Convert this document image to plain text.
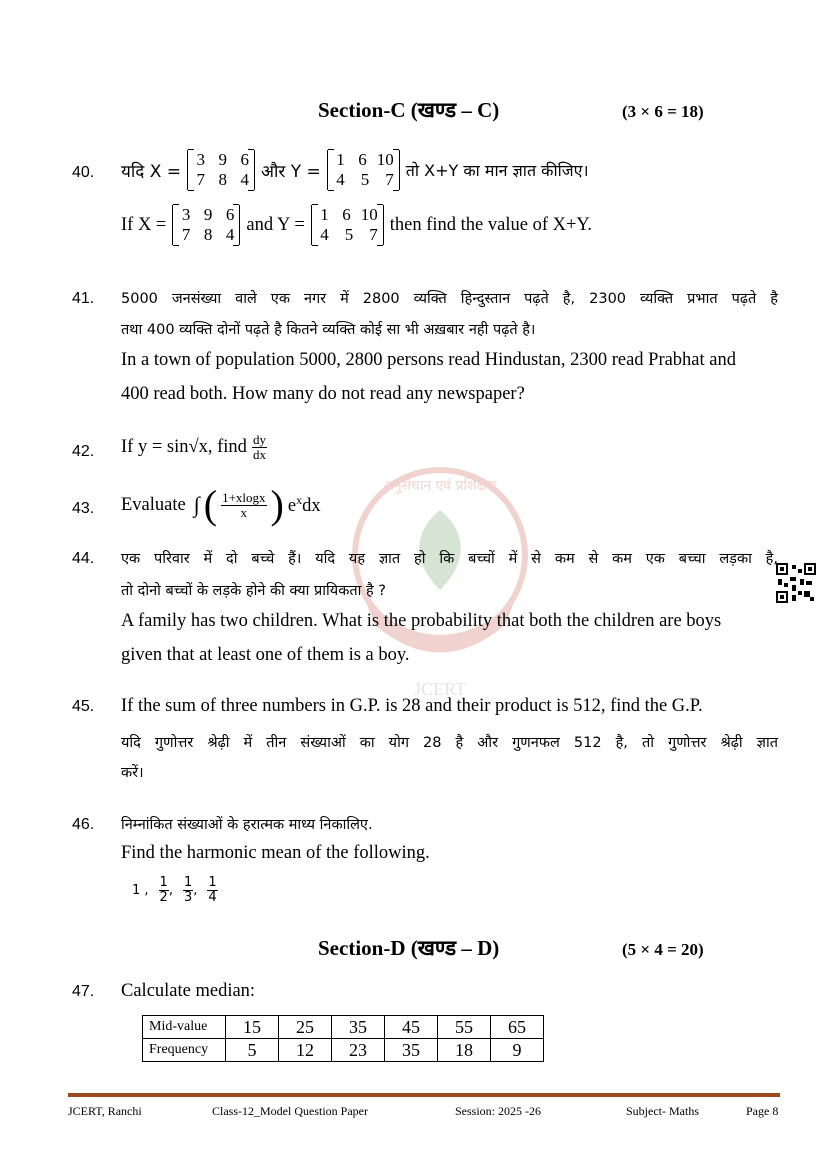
अनुसंधान एवं प्रशिक्षण
नेतृत्व
JCERT
Section-C (खण्ड – C)	(3 × 6 = 18)
40. यदि X =
3 9 6
7 8 4 और Y =
1 6 10
4 5 7 तो X+Y का मान ज्ञात कीजिए।
If X = 3 9 6
7 8 4 and Y = 1 6 10
4 5 7 then find the value of X+Y.
41. 5000 जनसंख्या वाले एक नगर में 2800 व्यक्ति हिन्दुस्तान पढ़ते है, 2300 व्यक्ति प्रभात पढ़ते है
तथा 400 व्यक्ति दोनों पढ़ते है कितने व्यक्ति कोई सा भी अख़बार नही पढ़ते है।
In a town of population 5000, 2800 persons read Hindustan, 2300 read Prabhat and
400 read both. How many do not read any newspaper?
42. If y = sin√x, find $\frac{dy}{dx}$
43. Evaluate ∫ ( $\frac{1+xlogx}{x}$ ) $e^xdx$
44. एक परिवार में दो बच्चे हैं। यदि यह ज्ञात हो कि बच्चों में से कम से कम एक बच्चा लड़का है,
तो दोनो बच्चों के लड़के होने की क्या प्रायिकता है ?
A family has two children. What is the probability that both the children are boys
given that at least one of them is a boy.
45. If the sum of three numbers in G.P. is 28 and their product is 512, find the G.P.
यदि गुणोत्तर श्रेढ़ी में तीन संख्याओं का योग 28 है और गुणनफल 512 है, तो गुणोत्तर श्रेढ़ी ज्ञात
करें।
46. निम्नांकित संख्याओं के हरात्मक माध्य निकालिए.
Find the harmonic mean of the following.
1 , $\frac{1}{2}$ , $\frac{1}{3}$ , $\frac{1}{4}$
Section-D (खण्ड – D)	(5 × 4 = 20)
47. Calculate median:
Mid-value	15	25	35	45	55	65
Frequency	5	12	23	35	18	9
JCERT, Ranchi	Class-12_Model Question Paper	Session: 2025 -26	Subject- Maths	Page 8
